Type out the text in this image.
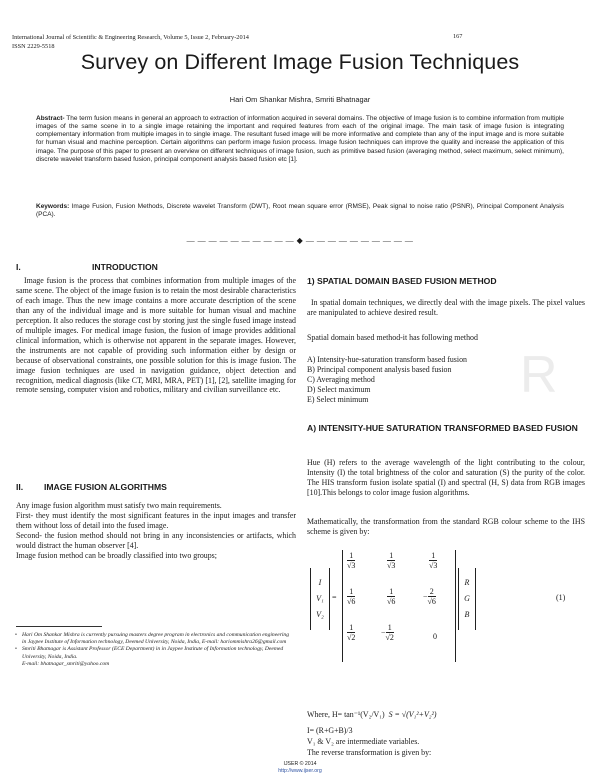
R
International Journal of Scientific & Engineering Research, Volume 5, Issue 2, February-2014	167
ISSN 2229-5518
Survey on Different Image Fusion Techniques
Hari Om Shankar Mishra, Smriti Bhatnagar
Abstract- The term fusion means in general an approach to extraction of information acquired in several domains. The objective of Image fusion is to combine information from multiple images of the same scene in to a single image retaining the important and required features from each of the original image. The main task of image fusion is integrating complementary information from multiple images in to single image. The resultant fused image will be more informative and complete than any of the input image and is more suitable for human visual and machine perception. Certain algorithms can perform image fusion process. Image fusion techniques can improve the quality and increase the application of this image. The purpose of this paper to present an overview on different techniques of image fusion, such as primitive based fusion (averaging method, select maximum, select minimum), discrete wavelet transform based fusion, principal component analysis based fusion etc [1].
Keywords: Image Fusion, Fusion Methods, Discrete wavelet Transform (DWT), Root mean square error (RMSE), Peak signal to noise ratio (PSNR), Principal Component Analysis (PCA).
— — — — — — — — — — ◆ — — — — — — — — — —
I.	INTRODUCTION
Image fusion is the process that combines information from multiple images of the same scene. The object of the image fusion is to retain the most desirable characteristics of each image. Thus the new image contains a more accurate description of the scene than any of the individual image and is more suitable for human visual and machine perception. It also reduces the storage cost by storing just the single fused image instead of multiple images. For medical image fusion, the fusion of image provides additional clinical information, which is otherwise not apparent in the separate images. However, the instruments are not capable of providing such information either by design or because of observational constraints, one possible solution for this is image fusion. The image fusion techniques are used in navigation guidance, object detection and recognition, medical diagnosis (like CT, MRI, MRA, PET) [1], [2], satellite imaging for remote sensing, computer vision and robotics, military and civilian surveillance etc.
II. IMAGE FUSION ALGORITHMS
Any image fusion algorithm must satisfy two main requirements.
First- they must identify the most significant features in the input images and transfer them without loss of detail into the fused image.
Second- the fusion method should not bring in any inconsistencies or artifacts, which would distract the human observer [4].
Image fusion method can be broadly classified into two groups;
• Hari Om Shankar Mishra is currently pursuing masters degree program in electronics and communication engineering in Jaypee Institute of Information technology, Deemed University, Noida, India, E-mail: hariommishra26@gmail.com
• Smriti Bhatnagar is Assistant Professor (ECE Department) in in Jaypee Institute of Information technology, Deemed University, Noida, India.
E-mail: bhatnagar_smriti@yahoo.com
1) SPATIAL DOMAIN BASED FUSION METHOD
In spatial domain techniques, we directly deal with the image pixels. The pixel values are manipulated to achieve desired result.
Spatial domain based method-it has following method
A) Intensity-hue-saturation transform based fusion
B) Principal component analysis based fusion
C) Averaging method
D) Select maximum
E) Select minimum
A) INTENSITY-HUE SATURATION TRANSFORMED BASED FUSION
Hue (H) refers to the average wavelength of the light contributing to the colour, Intensity (I) the total brightness of the color and saturation (S) the purity of the color. The HIS transform fusion isolate spatial (I) and spectral (H, S) data from RGB images [10].This belongs to color image fusion algorithms.
Mathematically, the transformation from the standard RGB colour scheme to the IHS scheme is given by:
I
V₁
V₂
=
$\frac{1}{√3}$	$\frac{1}{√3}$	$\frac{1}{√3}$
$\frac{1}{√6}$	$\frac{1}{√6}$	− $\frac{2}{√6}$
$\frac{1}{√2}$	− $\frac{1}{√2}$	0
R
G
B
(1)
Where, H= tan⁻¹(V₂/V₁) S = √(V₁²+V₂²)
I= (R+G+B)/3
V₁ & V₂ are intermediate variables.
The reverse transformation is given by:
IJSER © 2014
http://www.ijser.org
